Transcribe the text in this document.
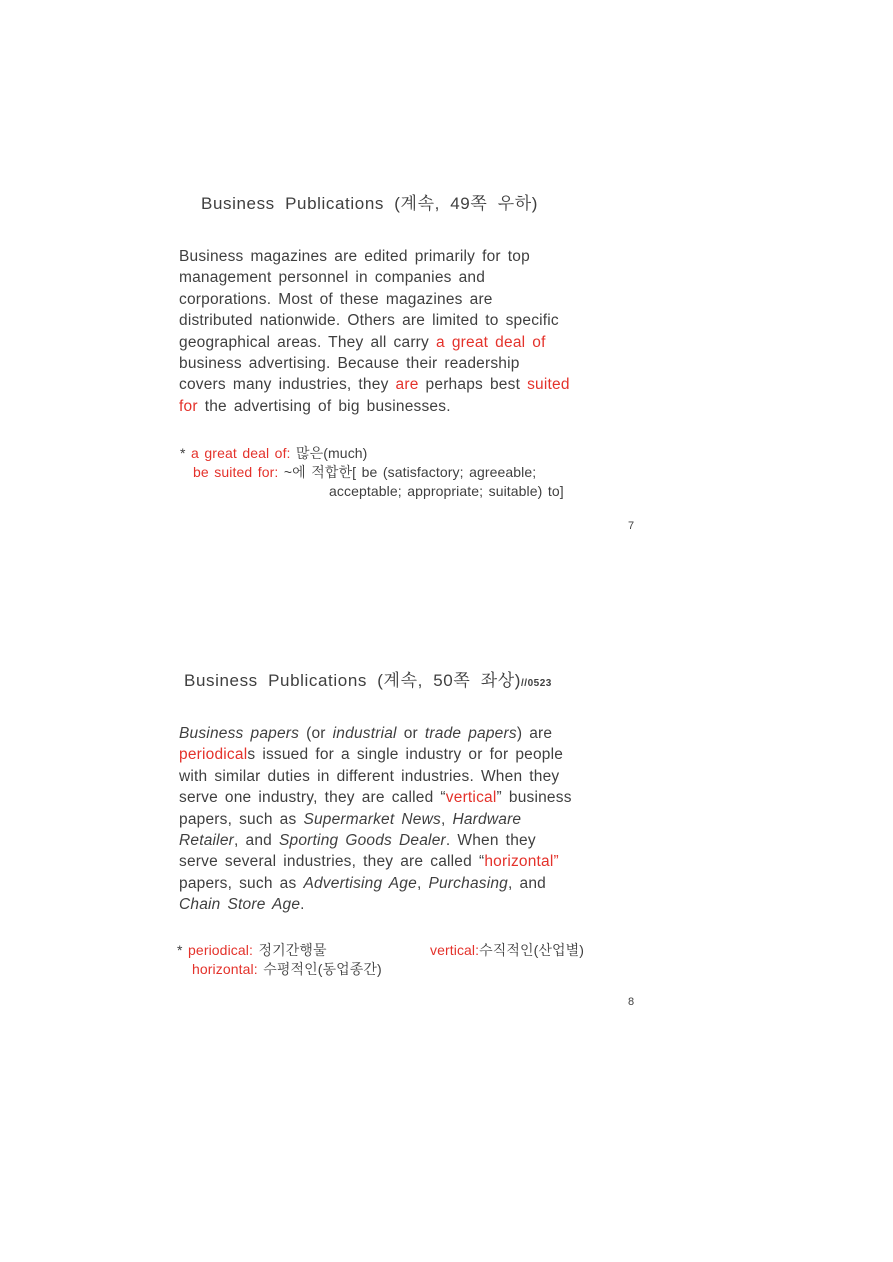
Business Publications (계속, 49쪽 우하)
Business magazines are edited primarily for top
management personnel in companies and
corporations. Most of these magazines are
distributed nationwide. Others are limited to specific
geographical areas. They all carry a great deal of
business advertising. Because their readership
covers many industries, they are perhaps best suited
for the advertising of big businesses.
* a great deal of: 많은(much)
be suited for: ~에 적합한[ be (satisfactory; agreeable;
acceptable; appropriate; suitable) to]
7
Business Publications (계속, 50쪽 좌상)//0523
Business papers (or industrial or trade papers) are
periodicals issued for a single industry or for people
with similar duties in different industries. When they
serve one industry, they are called “vertical” business
papers, such as Supermarket News, Hardware
Retailer, and Sporting Goods Dealer. When they
serve several industries, they are called “horizontal”
papers, such as Advertising Age, Purchasing, and
Chain Store Age.
* periodical: 정기간행물	vertical:수직적인(산업별)
horizontal: 수평적인(동업종간)
8
